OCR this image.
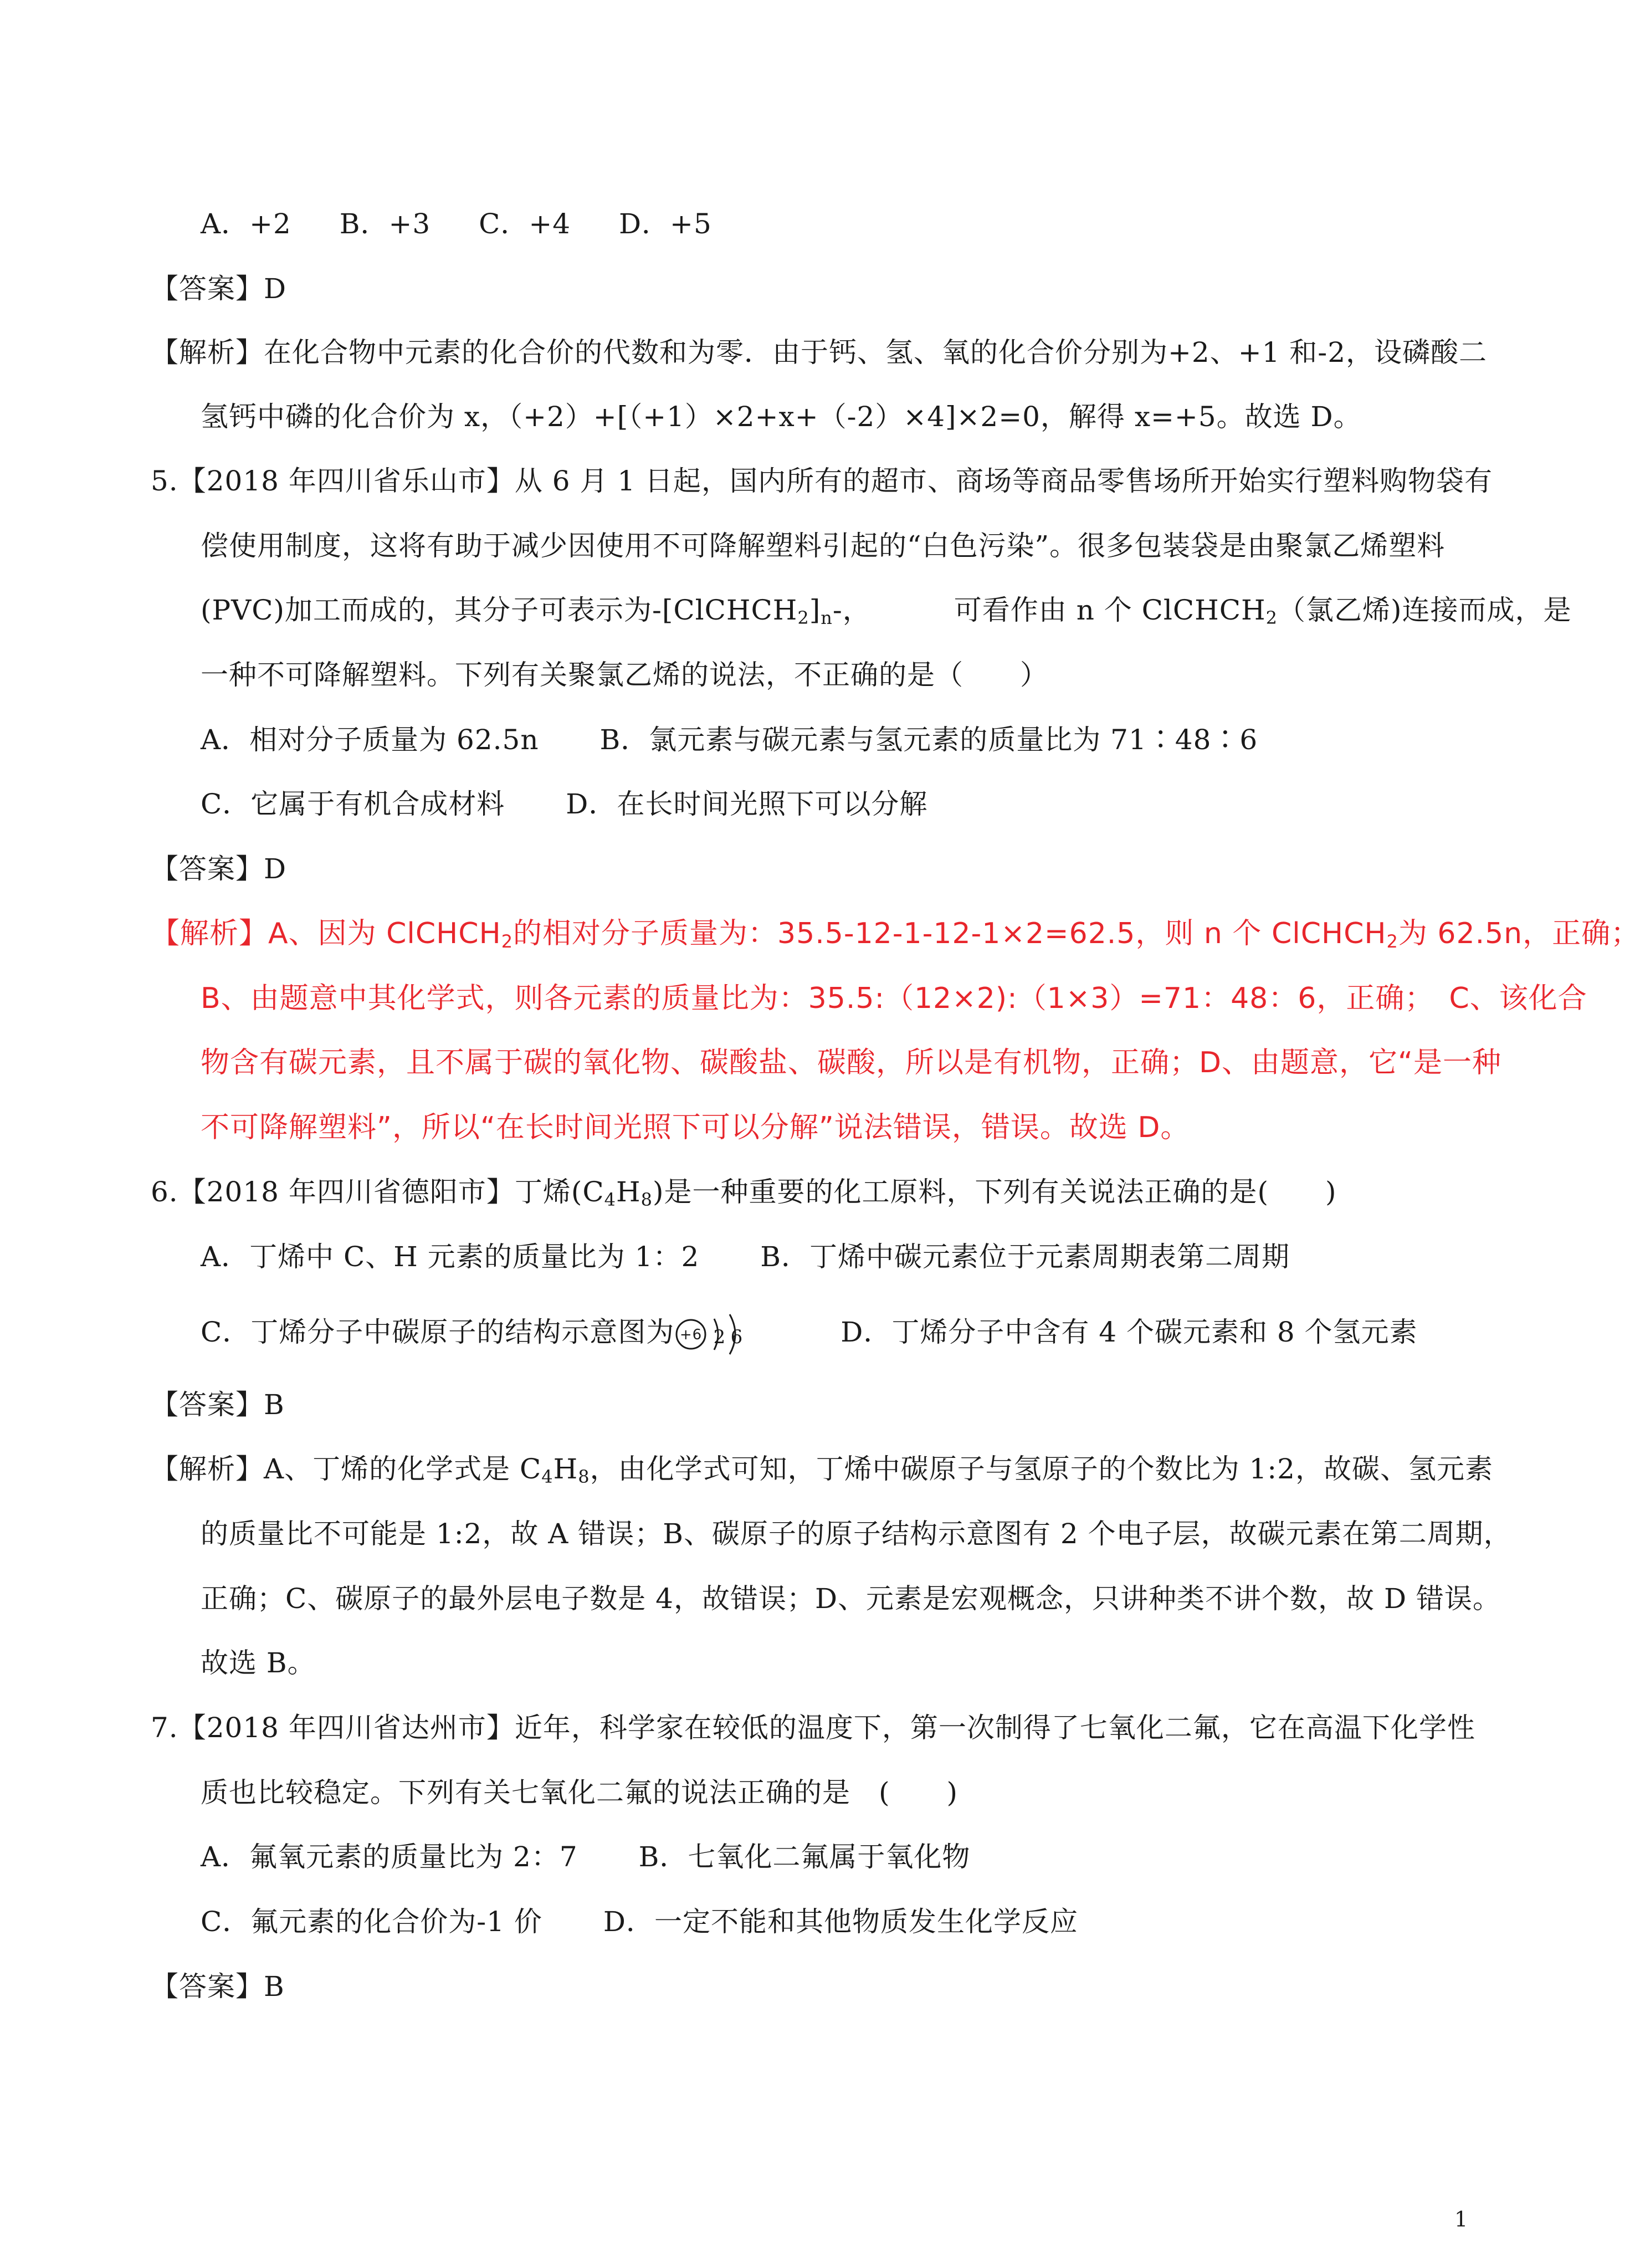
A．+2 B．+3 C．+4 D．+5
【答案】D
【解析】在化合物中元素的化合价的代数和为零．由于钙、氢、氧的化合价分别为+2、+1 和-2，设磷酸二
氢钙中磷的化合价为 x，（+2）+[（+1）×2+x+（-2）×4]×2=0，解得 x=+5。故选 D。
5.【2018 年四川省乐山市】从 6 月 1 日起，国内所有的超市、商场等商品零售场所开始实行塑料购物袋有
偿使用制度，这将有助于减少因使用不可降解塑料引起的“白色污染”。很多包装袋是由聚氯乙烯塑料
(PVC)加工而成的，其分子可表示为$-[ClCHCH_2]_n-$，	可看作由 n 个 ClCHCH$_2$（氯乙烯)连接而成，是
一种不可降解塑料。下列有关聚氯乙烯的说法，不正确的是（　　）
A．相对分子质量为 62.5n B．氯元素与碳元素与氢元素的质量比为 71∶48∶6
C．它属于有机合成材料 D．在长时间光照下可以分解
【答案】D
【解析】A、因为 ClCHCH$_2$的相对分子质量为：35.5-12-1-12-1×2=62.5，则 n 个 ClCHCH$_2$为 62.5n，正确；
B、由题意中其化学式，则各元素的质量比为：35.5:（12×2):（1×3）=71：48：6，正确；　C、该化合
物含有碳元素，且不属于碳的氧化物、碳酸盐、碳酸，所以是有机物，正确；D、由题意，它“是一种
不可降解塑料”，所以“在长时间光照下可以分解”说法错误，错误。故选 D。
6.【2018 年四川省德阳市】丁烯$(C_4H_8)$是一种重要的化工原料，下列有关说法正确的是(　　)
A．丁烯中 C、H 元素的质量比为 1：2 B．丁烯中碳元素位于元素周期表第二周期
C．丁烯分子中碳原子的结构示意图为 +6 2 6	D．丁烯分子中含有 4 个碳元素和 8 个氢元素
【答案】B
【解析】A、丁烯的化学式是 $C_4H_8$，由化学式可知，丁烯中碳原子与氢原子的个数比为 1:2，故碳、氢元素
的质量比不可能是 1:2，故 A 错误；B、碳原子的原子结构示意图有 2 个电子层，故碳元素在第二周期，
正确；C、碳原子的最外层电子数是 4，故错误；D、元素是宏观概念，只讲种类不讲个数，故 D 错误。
故选 B。
7.【2018 年四川省达州市】近年，科学家在较低的温度下，第一次制得了七氧化二氟，它在高温下化学性
质也比较稳定。下列有关七氧化二氟的说法正确的是　(　　)
A．氟氧元素的质量比为 2：7 B．七氧化二氟属于氧化物
C．氟元素的化合价为-1 价 D．一定不能和其他物质发生化学反应
【答案】B
1
